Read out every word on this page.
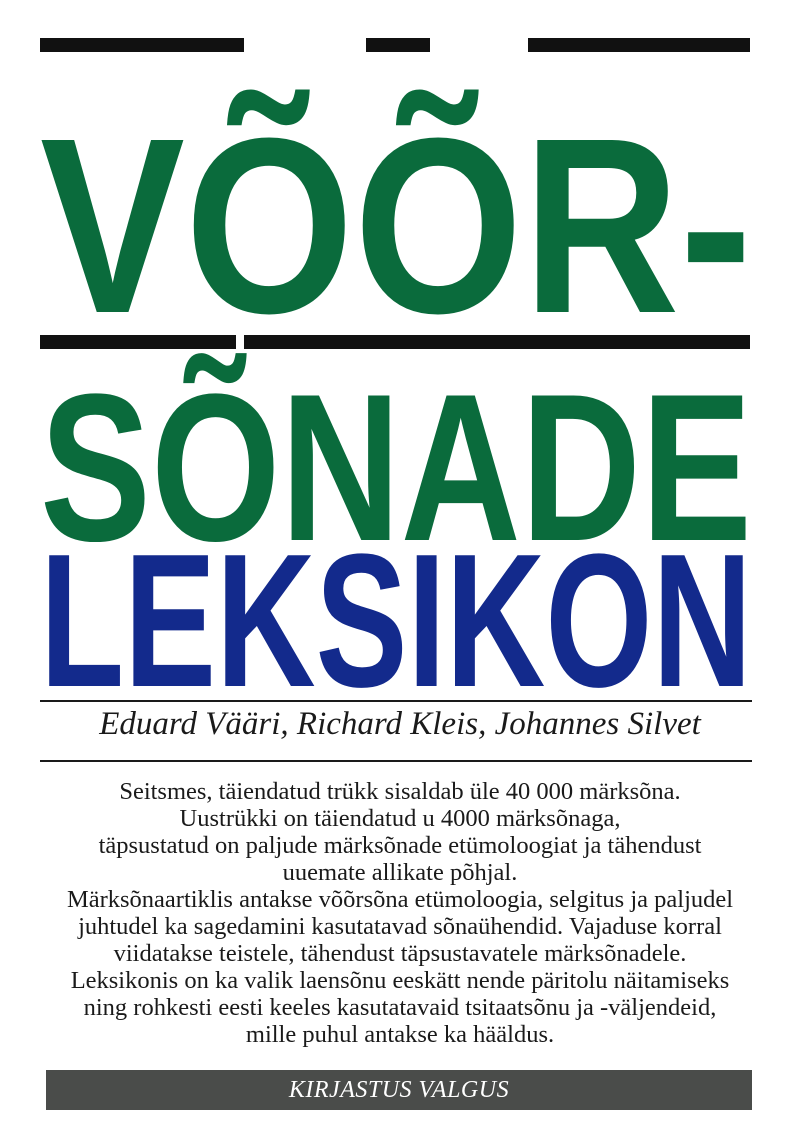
VÕÕR-
SÕNADE
LEKSIKON
Eduard Vääri, Richard Kleis, Johannes Silvet
Seitsmes, täiendatud trükk sisaldab üle 40 000 märksõna.
Uustrükki on täiendatud u 4000 märksõnaga,
täpsustatud on paljude märksõnade etümoloogiat ja tähendust
uuemate allikate põhjal.
Märksõnaartiklis antakse võõrsõna etümoloogia, selgitus ja paljudel
juhtudel ka sagedamini kasutatavad sõnaühendid. Vajaduse korral
viidatakse teistele, tähendust täpsustavatele märksõnadele.
Leksikonis on ka valik laensõnu eeskätt nende päritolu näitamiseks
ning rohkesti eesti keeles kasutatavaid tsitaatsõnu ja -väljendeid,
mille puhul antakse ka hääldus.
KIRJASTUS VALGUS
